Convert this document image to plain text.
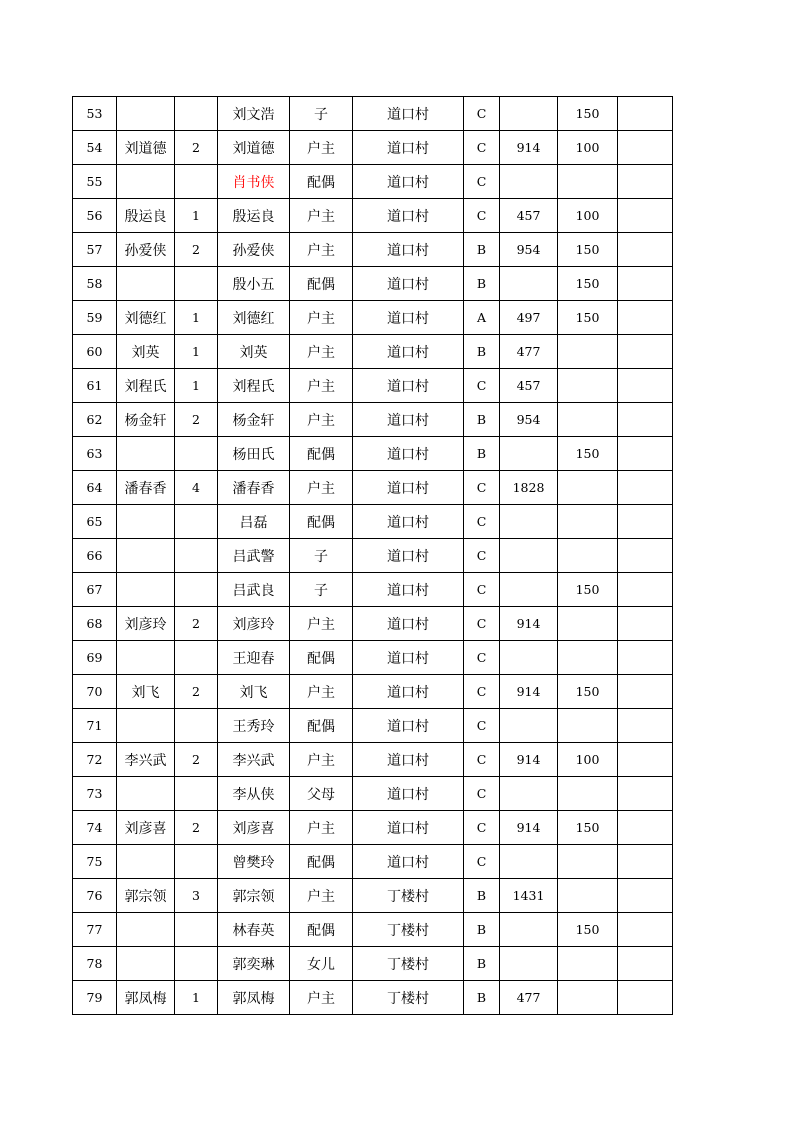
53			刘文浩	子	道口村	C		150	
54	刘道德	2	刘道德	户主	道口村	C	914	100	
55			肖书侠	配偶	道口村	C			
56	殷运良	1	殷运良	户主	道口村	C	457	100	
57	孙爱侠	2	孙爱侠	户主	道口村	B	954	150	
58			殷小五	配偶	道口村	B		150	
59	刘德红	1	刘德红	户主	道口村	A	497	150	
60	刘英	1	刘英	户主	道口村	B	477		
61	刘程氏	1	刘程氏	户主	道口村	C	457		
62	杨金轩	2	杨金轩	户主	道口村	B	954		
63			杨田氏	配偶	道口村	B		150	
64	潘春香	4	潘春香	户主	道口村	C	1828		
65			吕磊	配偶	道口村	C			
66			吕武警	子	道口村	C			
67			吕武良	子	道口村	C		150	
68	刘彦玲	2	刘彦玲	户主	道口村	C	914		
69			王迎春	配偶	道口村	C			
70	刘飞	2	刘飞	户主	道口村	C	914	150	
71			王秀玲	配偶	道口村	C			
72	李兴武	2	李兴武	户主	道口村	C	914	100	
73			李从侠	父母	道口村	C			
74	刘彦喜	2	刘彦喜	户主	道口村	C	914	150	
75			曾樊玲	配偶	道口村	C			
76	郭宗领	3	郭宗领	户主	丁楼村	B	1431		
77			林春英	配偶	丁楼村	B		150	
78			郭奕琳	女儿	丁楼村	B			
79	郭凤梅	1	郭凤梅	户主	丁楼村	B	477		
